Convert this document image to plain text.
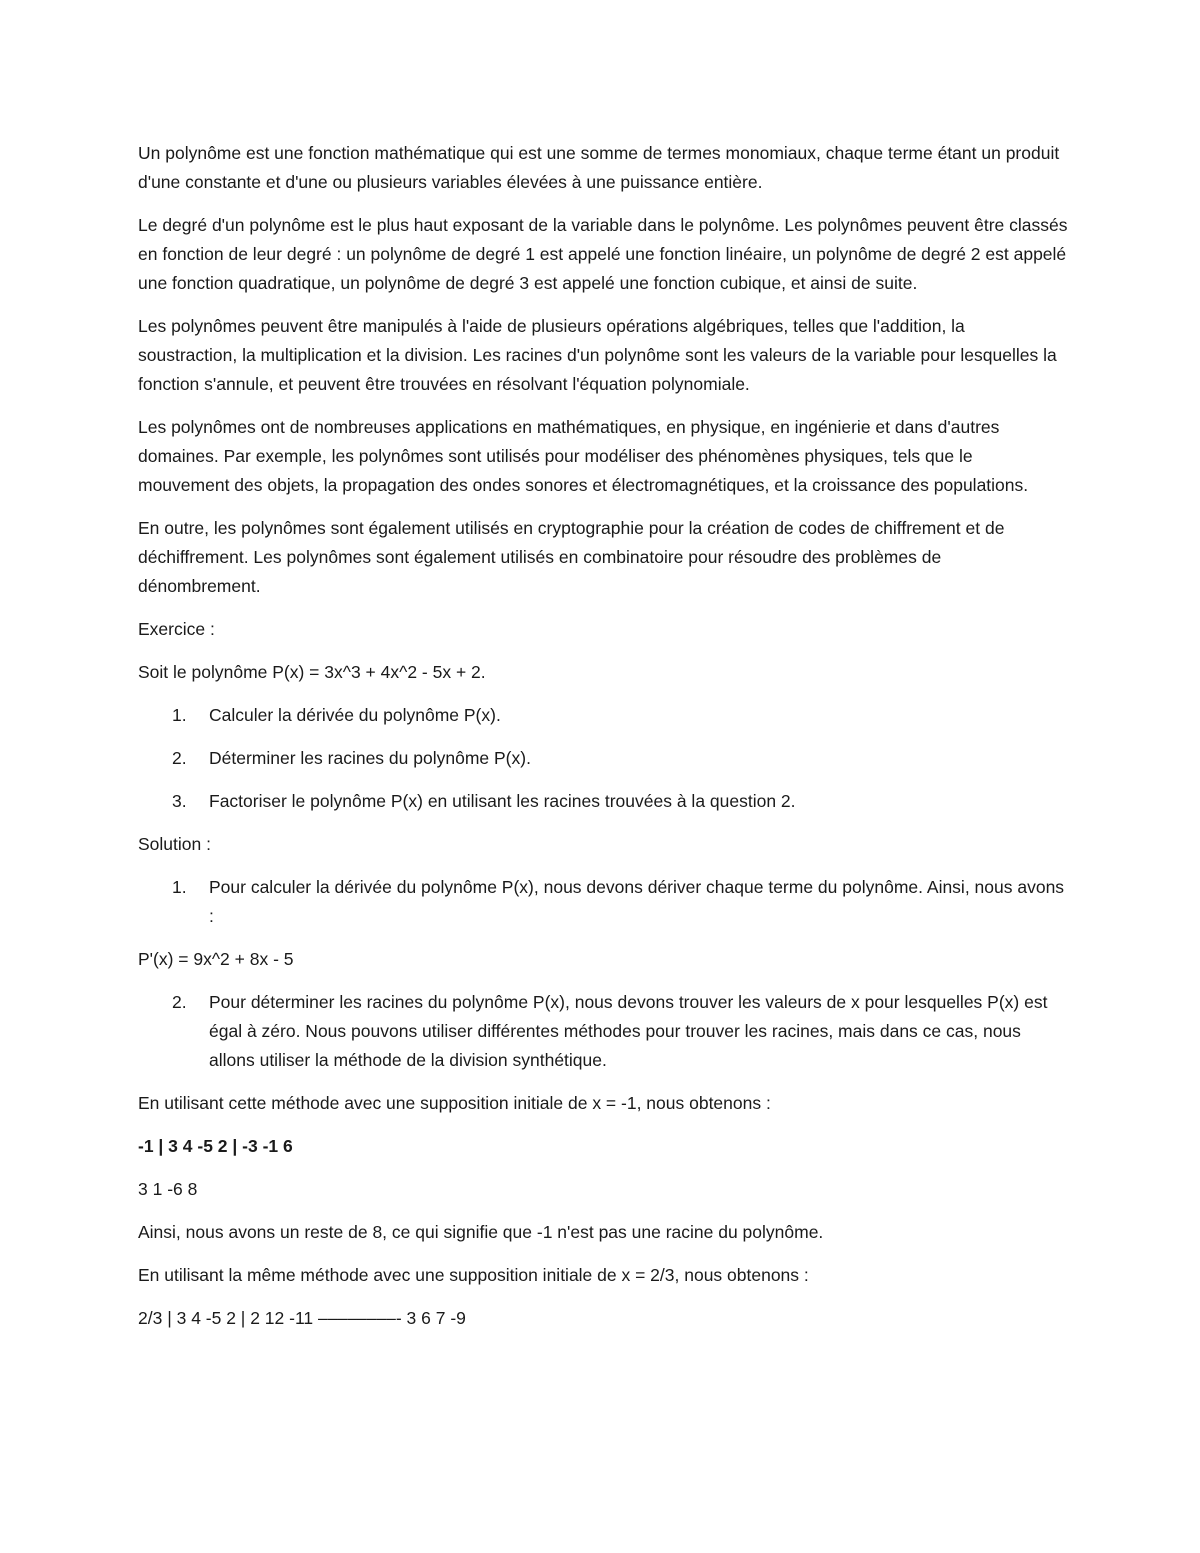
Un polynôme est une fonction mathématique qui est une somme de termes monomiaux, chaque terme étant un produit d'une constante et d'une ou plusieurs variables élevées à une puissance entière.

Le degré d'un polynôme est le plus haut exposant de la variable dans le polynôme. Les polynômes peuvent être classés en fonction de leur degré : un polynôme de degré 1 est appelé une fonction linéaire, un polynôme de degré 2 est appelé une fonction quadratique, un polynôme de degré 3 est appelé une fonction cubique, et ainsi de suite.

Les polynômes peuvent être manipulés à l'aide de plusieurs opérations algébriques, telles que l'addition, la soustraction, la multiplication et la division. Les racines d'un polynôme sont les valeurs de la variable pour lesquelles la fonction s'annule, et peuvent être trouvées en résolvant l'équation polynomiale.

Les polynômes ont de nombreuses applications en mathématiques, en physique, en ingénierie et dans d'autres domaines. Par exemple, les polynômes sont utilisés pour modéliser des phénomènes physiques, tels que le mouvement des objets, la propagation des ondes sonores et électromagnétiques, et la croissance des populations.

En outre, les polynômes sont également utilisés en cryptographie pour la création de codes de chiffrement et de déchiffrement. Les polynômes sont également utilisés en combinatoire pour résoudre des problèmes de dénombrement.

Exercice :

Soit le polynôme P(x) = 3x^3 + 4x^2 - 5x + 2.

1. Calculer la dérivée du polynôme P(x).
2. Déterminer les racines du polynôme P(x).
3. Factoriser le polynôme P(x) en utilisant les racines trouvées à la question 2.

Solution :

1. Pour calculer la dérivée du polynôme P(x), nous devons dériver chaque terme du polynôme. Ainsi, nous avons :

P'(x) = 9x^2 + 8x - 5

2. Pour déterminer les racines du polynôme P(x), nous devons trouver les valeurs de x pour lesquelles P(x) est égal à zéro. Nous pouvons utiliser différentes méthodes pour trouver les racines, mais dans ce cas, nous allons utiliser la méthode de la division synthétique.

En utilisant cette méthode avec une supposition initiale de x = -1, nous obtenons :

-1 | 3 4 -5 2 | -3 -1 6

3 1 -6 8

Ainsi, nous avons un reste de 8, ce qui signifie que -1 n'est pas une racine du polynôme.

En utilisant la même méthode avec une supposition initiale de x = 2/3, nous obtenons :

2/3 | 3 4 -5 2 | 2 12 -11 ––––––––- 3 6 7 -9
